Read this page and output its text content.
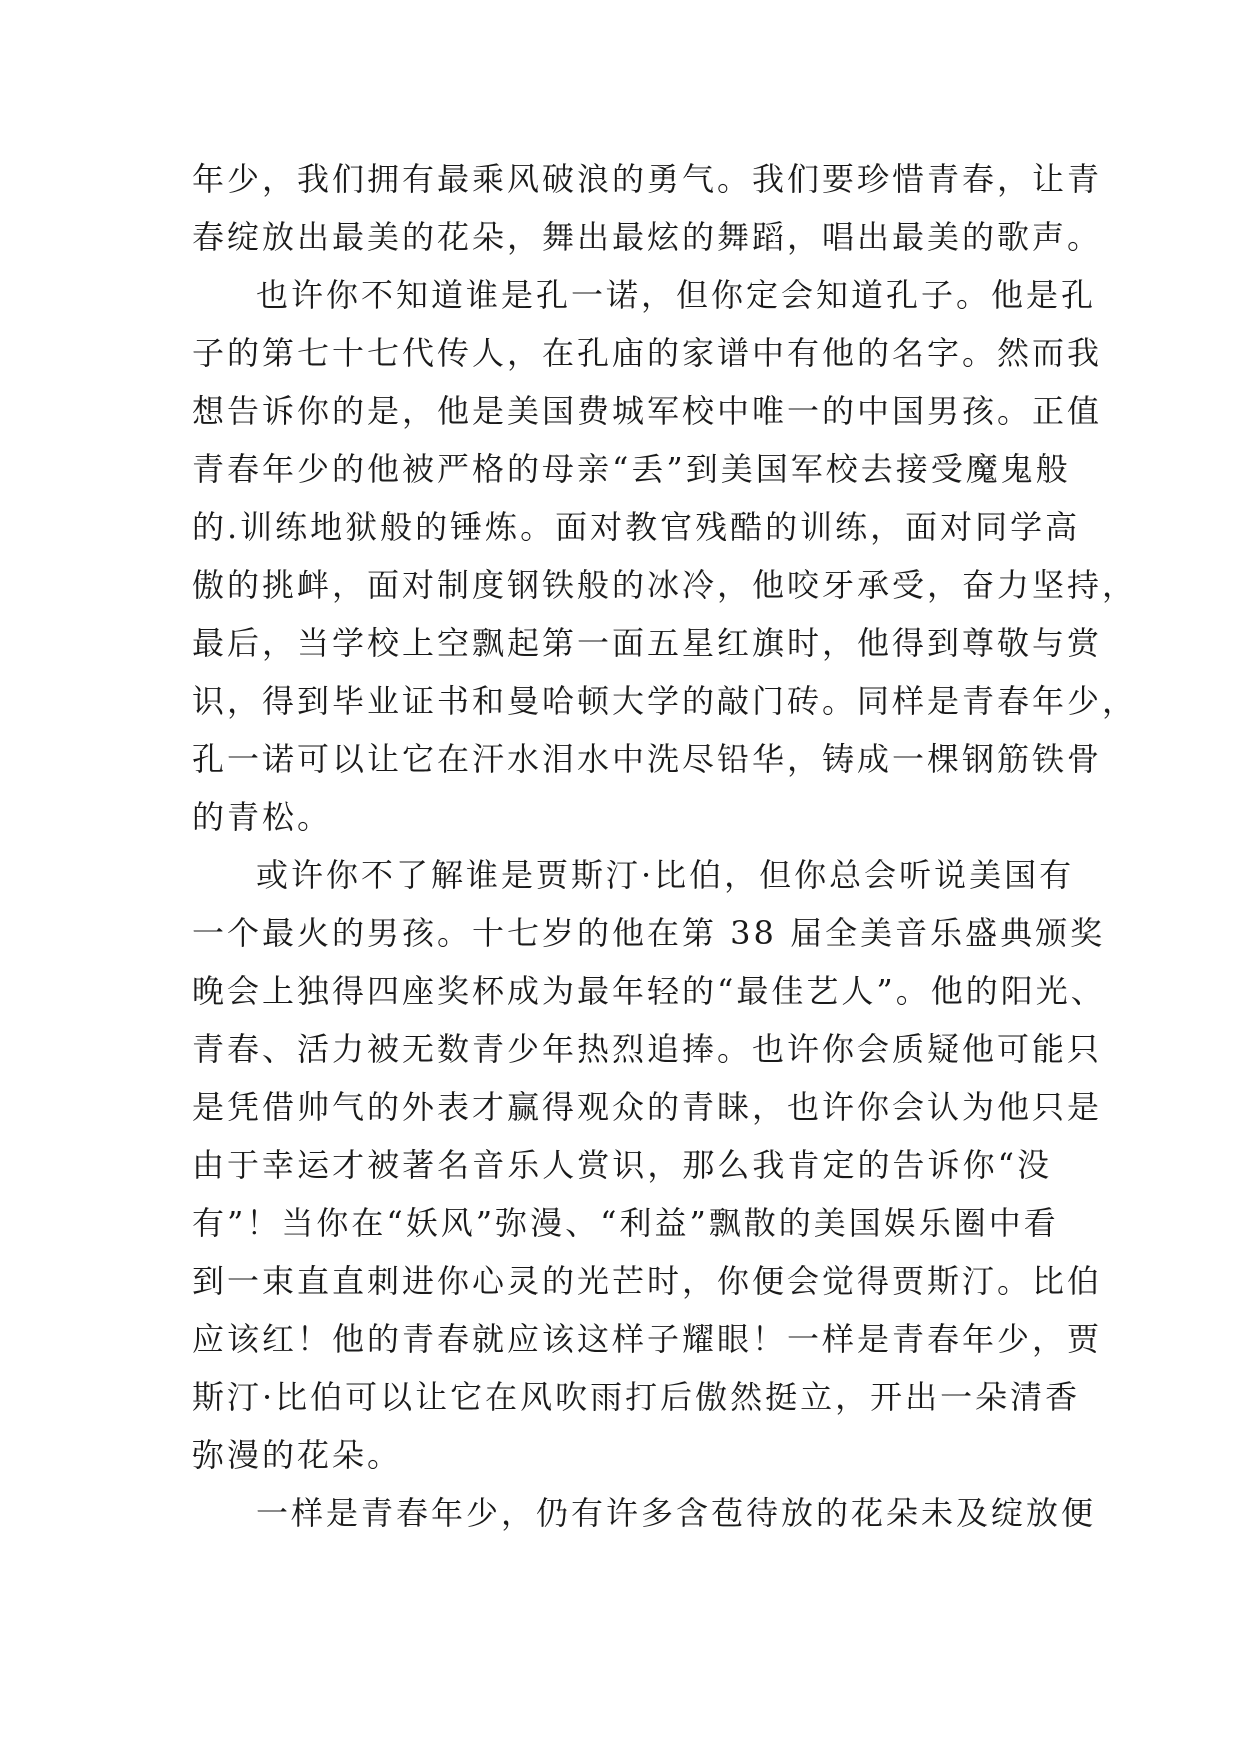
年少，我们拥有最乘风破浪的勇气。我们要珍惜青春，让青
春绽放出最美的花朵，舞出最炫的舞蹈，唱出最美的歌声。
也许你不知道谁是孔一诺，但你定会知道孔子。他是孔
子的第七十七代传人，在孔庙的家谱中有他的名字。然而我
想告诉你的是，他是美国费城军校中唯一的中国男孩。正值
青春年少的他被严格的母亲“丢”到美国军校去接受魔鬼般
的.训练地狱般的锤炼。面对教官残酷的训练，面对同学高
傲的挑衅，面对制度钢铁般的冰冷，他咬牙承受，奋力坚持，
最后，当学校上空飘起第一面五星红旗时，他得到尊敬与赏
识，得到毕业证书和曼哈顿大学的敲门砖。同样是青春年少，
孔一诺可以让它在汗水泪水中洗尽铅华，铸成一棵钢筋铁骨
的青松。
或许你不了解谁是贾斯汀·比伯，但你总会听说美国有
一个最火的男孩。十七岁的他在第 38 届全美音乐盛典颁奖
晚会上独得四座奖杯成为最年轻的“最佳艺人”。他的阳光、
青春、活力被无数青少年热烈追捧。也许你会质疑他可能只
是凭借帅气的外表才赢得观众的青睐，也许你会认为他只是
由于幸运才被著名音乐人赏识，那么我肯定的告诉你“没
有”！当你在“妖风”弥漫、“利益”飘散的美国娱乐圈中看
到一束直直刺进你心灵的光芒时，你便会觉得贾斯汀。比伯
应该红！他的青春就应该这样子耀眼！一样是青春年少，贾
斯汀·比伯可以让它在风吹雨打后傲然挺立，开出一朵清香
弥漫的花朵。
一样是青春年少，仍有许多含苞待放的花朵未及绽放便
